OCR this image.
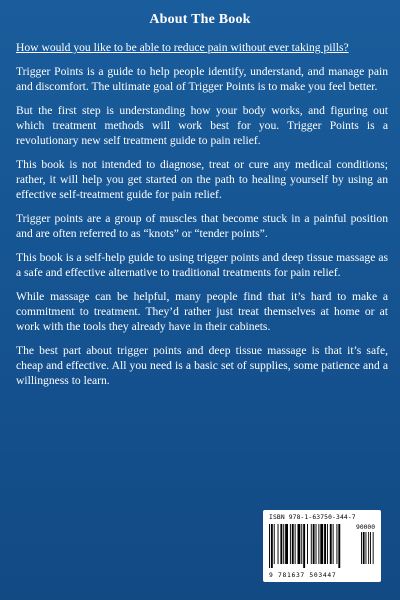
About The Book

How would you like to be able to reduce pain without ever taking pills?

Trigger Points is a guide to help people identify, understand, and manage pain and discomfort. The ultimate goal of Trigger Points is to make you feel better.

But the first step is understanding how your body works, and figuring out which treatment methods will work best for you. Trigger Points is a revolutionary new self treatment guide to pain relief.

This book is not intended to diagnose, treat or cure any medical conditions; rather, it will help you get started on the path to healing yourself by using an effective self-treatment guide for pain relief.

Trigger points are a group of muscles that become stuck in a painful position and are often referred to as “knots” or “tender points”.

This book is a self-help guide to using trigger points and deep tissue massage as a safe and effective alternative to traditional treatments for pain relief.

While massage can be helpful, many people find that it’s hard to make a commitment to treatment. They’d rather just treat themselves at home or at work with the tools they already have in their cabinets.

The best part about trigger points and deep tissue massage is that it’s safe, cheap and effective. All you need is a basic set of supplies, some patience and a willingness to learn.

ISBN 978-1-63750-344-7
90000
9 781637 503447
